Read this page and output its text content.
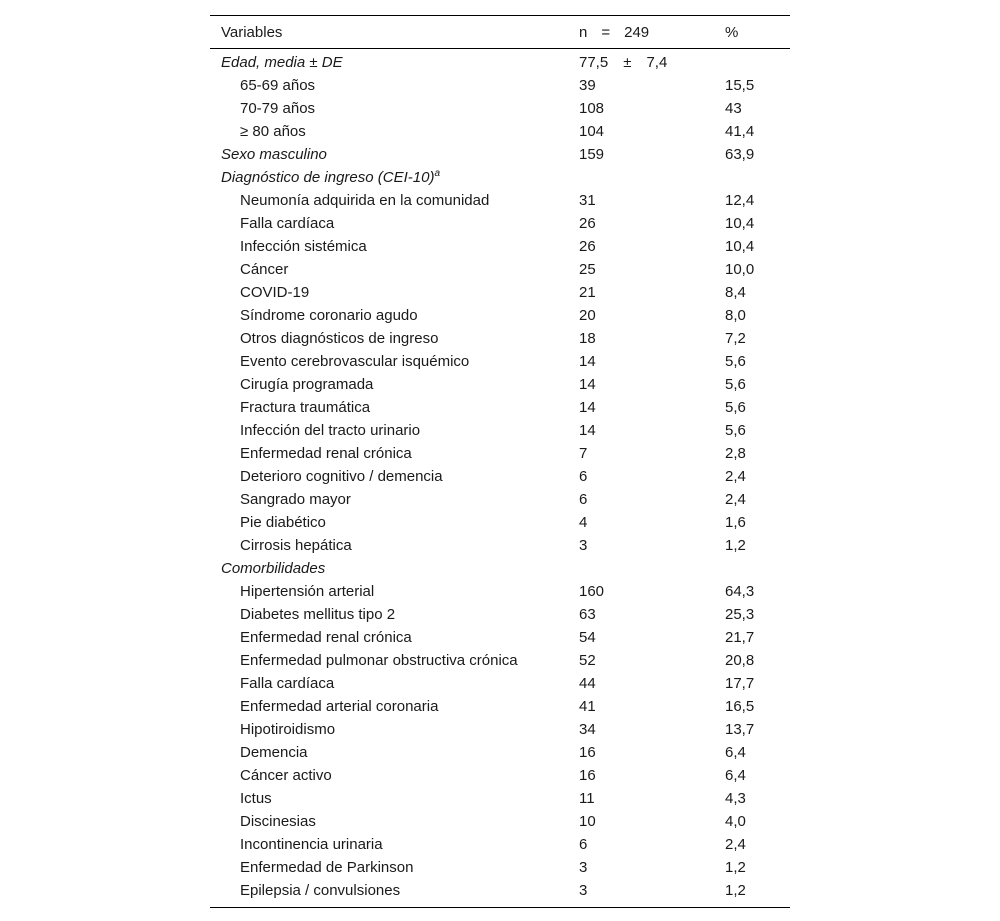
Variables	n = 249	%
Edad, media ± DE	77,5 ± 7,4	
65-69 años	39	15,5
70-79 años	108	43
≥ 80 años	104	41,4
Sexo masculino	159	63,9
Diagnóstico de ingreso $(CEI-10)^a$		
Neumonía adquirida en la comunidad	31	12,4
Falla cardíaca	26	10,4
Infección sistémica	26	10,4
Cáncer	25	10,0
COVID-19	21	8,4
Síndrome coronario agudo	20	8,0
Otros diagnósticos de ingreso	18	7,2
Evento cerebrovascular isquémico	14	5,6
Cirugía programada	14	5,6
Fractura traumática	14	5,6
Infección del tracto urinario	14	5,6
Enfermedad renal crónica	7	2,8
Deterioro cognitivo / demencia	6	2,4
Sangrado mayor	6	2,4
Pie diabético	4	1,6
Cirrosis hepática	3	1,2
Comorbilidades		
Hipertensión arterial	160	64,3
Diabetes mellitus tipo 2	63	25,3
Enfermedad renal crónica	54	21,7
Enfermedad pulmonar obstructiva crónica	52	20,8
Falla cardíaca	44	17,7
Enfermedad arterial coronaria	41	16,5
Hipotiroidismo	34	13,7
Demencia	16	6,4
Cáncer activo	16	6,4
Ictus	11	4,3
Discinesias	10	4,0
Incontinencia urinaria	6	2,4
Enfermedad de Parkinson	3	1,2
Epilepsia / convulsiones	3	1,2
